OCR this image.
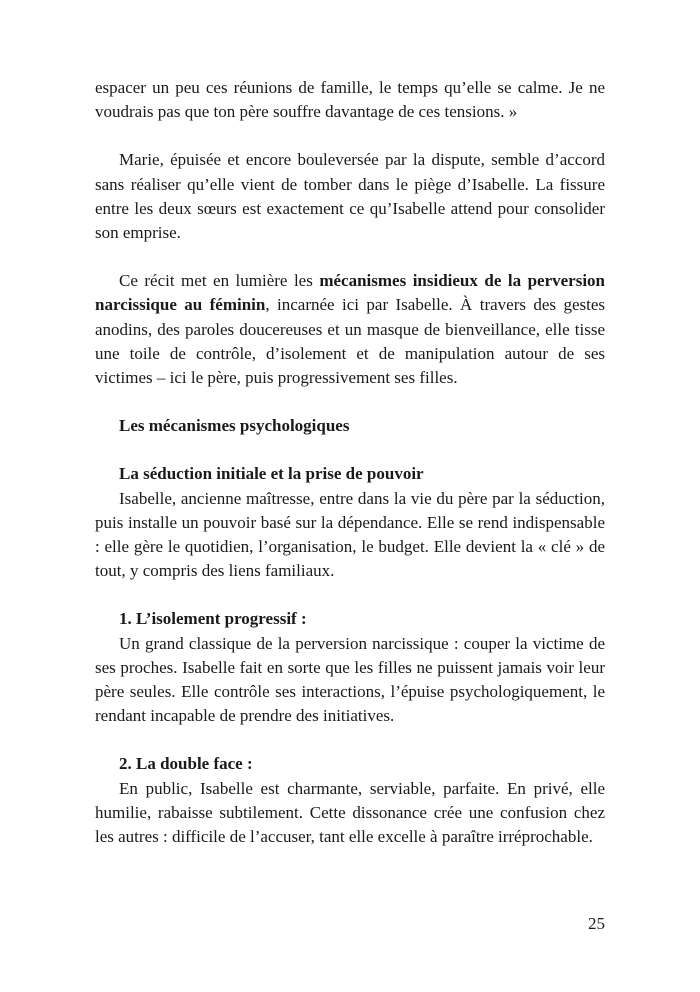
espacer un peu ces réunions de famille, le temps qu’elle se calme. Je ne voudrais pas que ton père souffre davantage de ces tensions. »

Marie, épuisée et encore bouleversée par la dispute, semble d’accord sans réaliser qu’elle vient de tomber dans le piège d’Isabelle. La fissure entre les deux sœurs est exactement ce qu’Isabelle attend pour consolider son emprise.

Ce récit met en lumière les mécanismes insidieux de la perversion narcissique au féminin, incarnée ici par Isabelle. À travers des gestes anodins, des paroles doucereuses et un masque de bienveillance, elle tisse une toile de contrôle, d’isolement et de manipulation autour de ses victimes – ici le père, puis progressivement ses filles.

Les mécanismes psychologiques

La séduction initiale et la prise de pouvoir

Isabelle, ancienne maîtresse, entre dans la vie du père par la séduction, puis installe un pouvoir basé sur la dépendance. Elle se rend indispensable : elle gère le quotidien, l’organisation, le budget. Elle devient la « clé » de tout, y compris des liens familiaux.

1. L’isolement progressif :

Un grand classique de la perversion narcissique : couper la victime de ses proches. Isabelle fait en sorte que les filles ne puissent jamais voir leur père seules. Elle contrôle ses interactions, l’épuise psychologiquement, le rendant incapable de prendre des initiatives.

2. La double face :

En public, Isabelle est charmante, serviable, parfaite. En privé, elle humilie, rabaisse subtilement. Cette dissonance crée une confusion chez les autres : difficile de l’accuser, tant elle excelle à paraître irréprochable.

25
